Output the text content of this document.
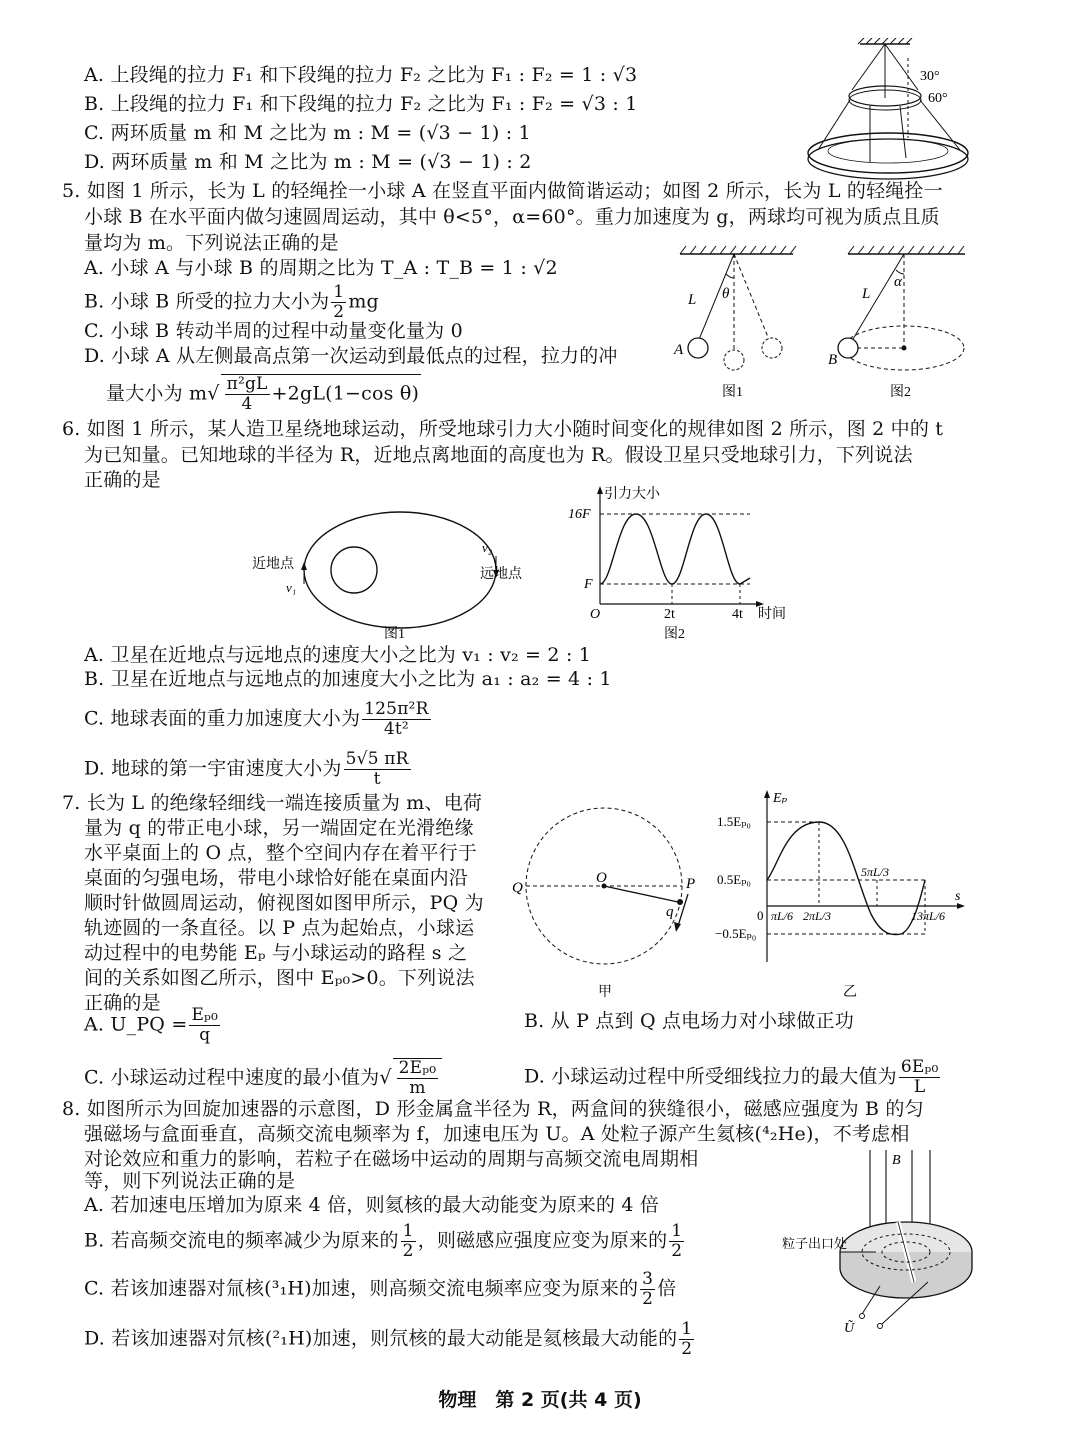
A. 上段绳的拉力 F₁ 和下段绳的拉力 F₂ 之比为 F₁ : F₂ = 1 : √3
B. 上段绳的拉力 F₁ 和下段绳的拉力 F₂ 之比为 F₁ : F₂ = √3 : 1
C. 两环质量 m 和 M 之比为 m : M = (√3 − 1) : 1
D. 两环质量 m 和 M 之比为 m : M = (√3 − 1) : 2
30°
60°
5. 如图 1 所示，长为 L 的轻绳拴一小球 A 在竖直平面内做简谐运动；如图 2 所示，长为 L 的轻绳拴一
小球 B 在水平面内做匀速圆周运动，其中 θ<5°，α=60°。重力加速度为 g，两球均可视为质点且质
量均为 m。下列说法正确的是
A. 小球 A 与小球 B 的周期之比为 T_A : T_B = 1 : √2
B. 小球 B 所受的拉力大小为 $\frac{1}{2}$ mg
C. 小球 B 转动半周的过程中动量变化量为 0
D. 小球 A 从左侧最高点第一次运动到最低点的过程，拉力的冲
量大小为 $m√ \frac{\text{π²gL}}{4} +2gL(1-\cos$ θ)
L θ
A
图1
L
α
B
图2
6. 如图 1 所示，某人造卫星绕地球运动，所受地球引力大小随时间变化的规律如图 2 所示，图 2 中的 t
为已知量。已知地球的半径为 R，近地点离地面的高度也为 R。假设卫星只受地球引力，下列说法
正确的是
近地点
v₁
v₂
远地点
图1
引力大小
16F
F
O	2t	4t 时间
图2
A. 卫星在近地点与远地点的速度大小之比为 v₁ : v₂ = 2 : 1
B. 卫星在近地点与远地点的加速度大小之比为 a₁ : a₂ = 4 : 1
C. 地球表面的重力加速度大小为 $\frac{\text{125π²R}}{\text{4t²}}$
D. 地球的第一宇宙速度大小为 $\frac{5√5 \pi R}{t}$
7. 长为 L 的绝缘轻细线一端连接质量为 m、电荷
量为 q 的带正电小球，另一端固定在光滑绝缘
水平桌面上的 O 点，整个空间内存在着平行于
桌面的匀强电场，带电小球恰好能在桌面内沿
顺时针做圆周运动，俯视图如图甲所示，PQ 为
轨迹圆的一条直径。以 P 点为起始点，小球运
动过程中的电势能 Eₚ 与小球运动的路程 s 之
间的关系如图乙所示，图中 Eₚ₀>0。下列说法
正确的是
Q
O	P
q
甲
Eₚ
s
1.5Eₚ₀
0.5Eₚ₀
−0.5Eₚ₀
0 πL/6 2πL/3
5πL/3
13πL/6
乙
A. U_PQ = $\frac{\text{Eₚ₀}}{q}$	B. 从 P 点到 Q 点电场力对小球做正功
C. 小球运动过程中速度的最小值为√ $\frac{\text{2Eₚ₀}}{m}$	D. 小球运动过程中所受细线拉力的最大值为 $\frac{\text{6Eₚ₀}}{L}$
8. 如图所示为回旋加速器的示意图，D 形金属盒半径为 R，两盒间的狭缝很小，磁感应强度为 B 的匀
强磁场与盒面垂直，高频交流电频率为 f，加速电压为 U。A 处粒子源产生氦核(⁴₂He)，不考虑相
对论效应和重力的影响，若粒子在磁场中运动的周期与高频交流电周期相
等，则下列说法正确的是
A. 若加速电压增加为原来 4 倍，则氦核的最大动能变为原来的 4 倍
B. 若高频交流电的频率减少为原来的 $\frac{1}{2}$ ，则磁感应强度应变为原来的 $\frac{1}{2}$
C. 若该加速器对氚核(³₁H)加速，则高频交流电频率应变为原来的 $\frac{3}{2}$ 倍
D. 若该加速器对氘核(²₁H)加速，则氘核的最大动能是氦核最大动能的 $\frac{1}{2}$
B
粒子出口处
Ũ
物理　第 2 页(共 4 页)
